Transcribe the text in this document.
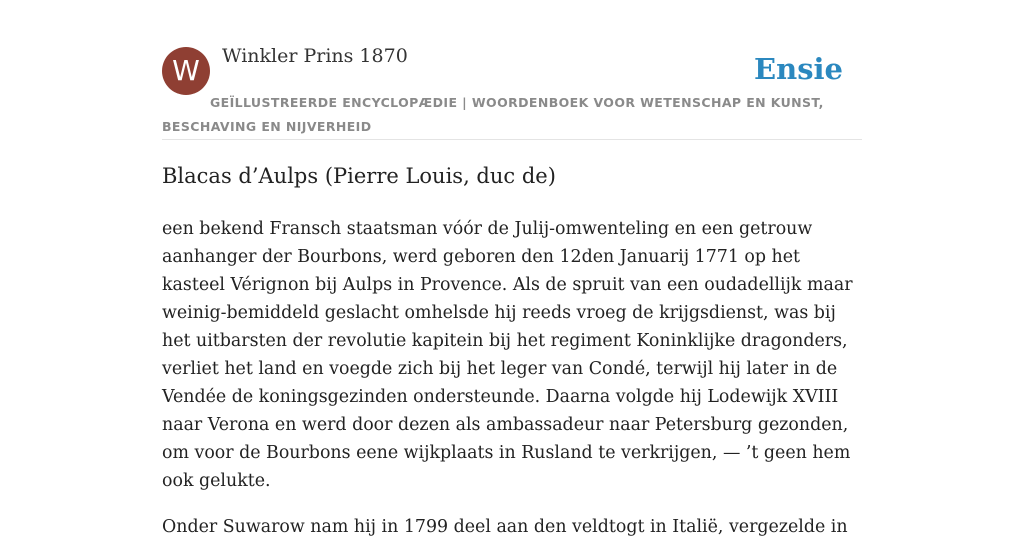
W	Winkler Prins 1870	Ensie
GEÏLLUSTREERDE ENCYCLOPÆDIE | WOORDENBOEK VOOR WETENSCHAP EN KUNST, BESCHAVING EN NIJVERHEID
Blacas d’Aulps (Pierre Louis, duc de)

een bekend Fransch staatsman vóór de Julij-omwenteling en een getrouw aanhanger der Bourbons, werd geboren den 12den Januarij 1771 op het kasteel Vérignon bij Aulps in Provence. Als de spruit van een oudadellijk maar weinig-bemiddeld geslacht omhelsde hij reeds vroeg de krijgsdienst, was bij het uitbarsten der revolutie kapitein bij het regiment Koninklijke dragonders, verliet het land en voegde zich bij het leger van Condé, terwijl hij later in de Vendée de koningsgezinden ondersteunde. Daarna volgde hij Lodewijk XVIII naar Verona en werd door dezen als ambassadeur naar Petersburg gezonden, om voor de Bourbons eene wijkplaats in Rusland te verkrijgen, — ’t geen hem ook gelukte.

Onder Suwarow nam hij in 1799 deel aan den veldtogt in Italië, vergezelde in
